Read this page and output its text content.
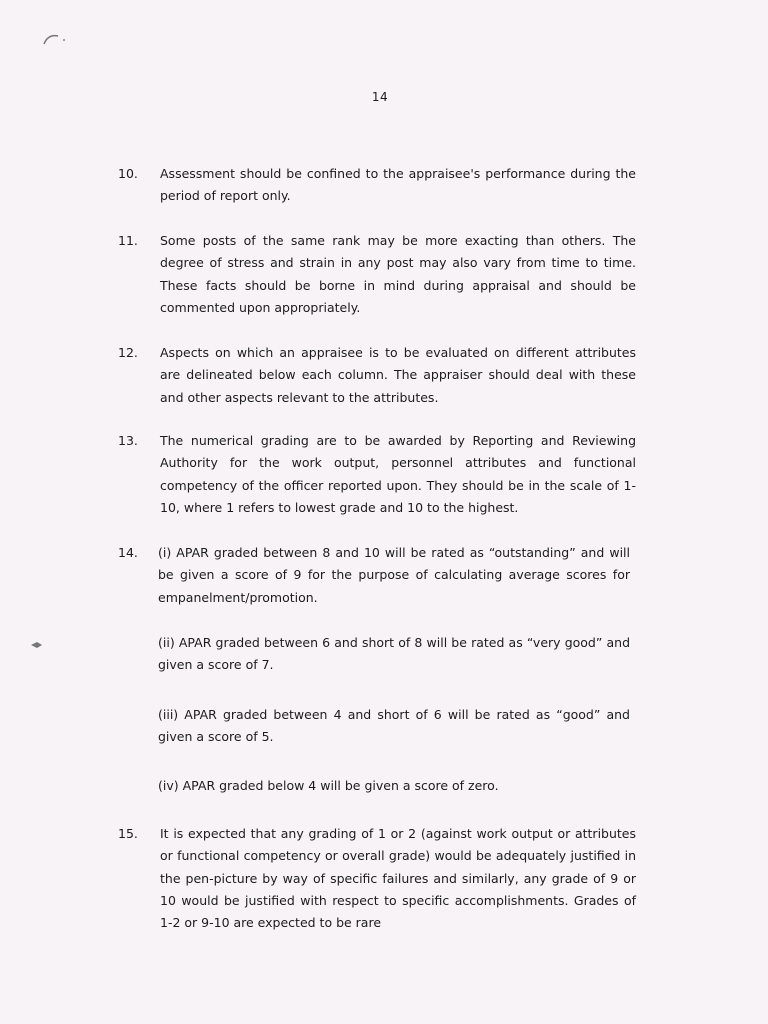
14
10.	Assessment should be confined to the appraisee's performance during the period of report only.
11.	Some posts of the same rank may be more exacting than others. The degree of stress and strain in any post may also vary from time to time. These facts should be borne in mind during appraisal and should be commented upon appropriately.
12.	Aspects on which an appraisee is to be evaluated on different attributes are delineated below each column. The appraiser should deal with these and other aspects relevant to the attributes.
13.	The numerical grading are to be awarded by Reporting and Reviewing Authority for the work output, personnel attributes and functional competency of the officer reported upon. They should be in the scale of 1-10, where 1 refers to lowest grade and 10 to the highest.
14.	(i) APAR graded between 8 and 10 will be rated as “outstanding” and will be given a score of 9 for the purpose of calculating average scores for empanelment/promotion.
(ii) APAR graded between 6 and short of 8 will be rated as “very good” and given a score of 7.
(iii) APAR graded between 4 and short of 6 will be rated as “good” and given a score of 5.
(iv) APAR graded below 4 will be given a score of zero.
15.	It is expected that any grading of 1 or 2 (against work output or attributes or functional competency or overall grade) would be adequately justified in the pen-picture by way of specific failures and similarly, any grade of 9 or 10 would be justified with respect to specific accomplishments. Grades of 1-2 or 9-10 are expected to be rare
